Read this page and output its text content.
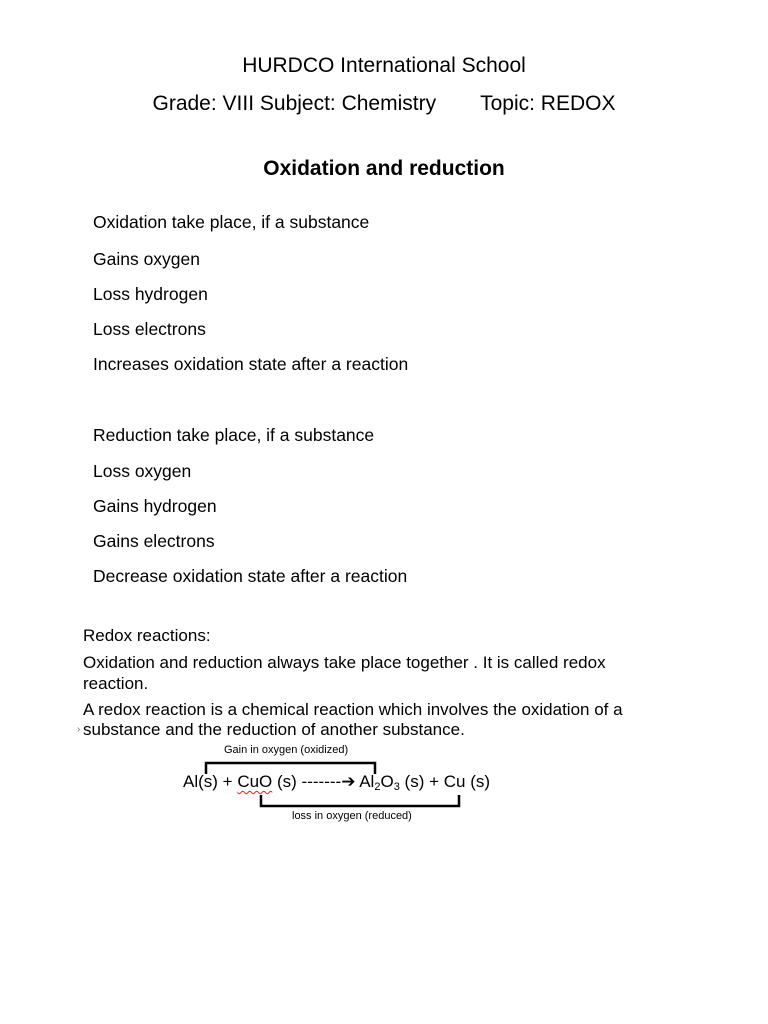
HURDCO International School
Grade: VIII Subject: Chemistry Topic: REDOX
Oxidation and reduction
Oxidation take place, if a substance
Gains oxygen
Loss hydrogen
Loss electrons
Increases oxidation state after a reaction
Reduction take place, if a substance
Loss oxygen
Gains hydrogen
Gains electrons
Decrease oxidation state after a reaction
Redox reactions:
Oxidation and reduction always take place together . It is called redox
reaction.
A redox reaction is a chemical reaction which involves the oxidation of a
substance and the reduction of another substance.
›
Gain in oxygen (oxidized)
Al(s) + CuO (s) -------➔ $Al_2O_3$ (s) + Cu (s)
loss in oxygen (reduced)
